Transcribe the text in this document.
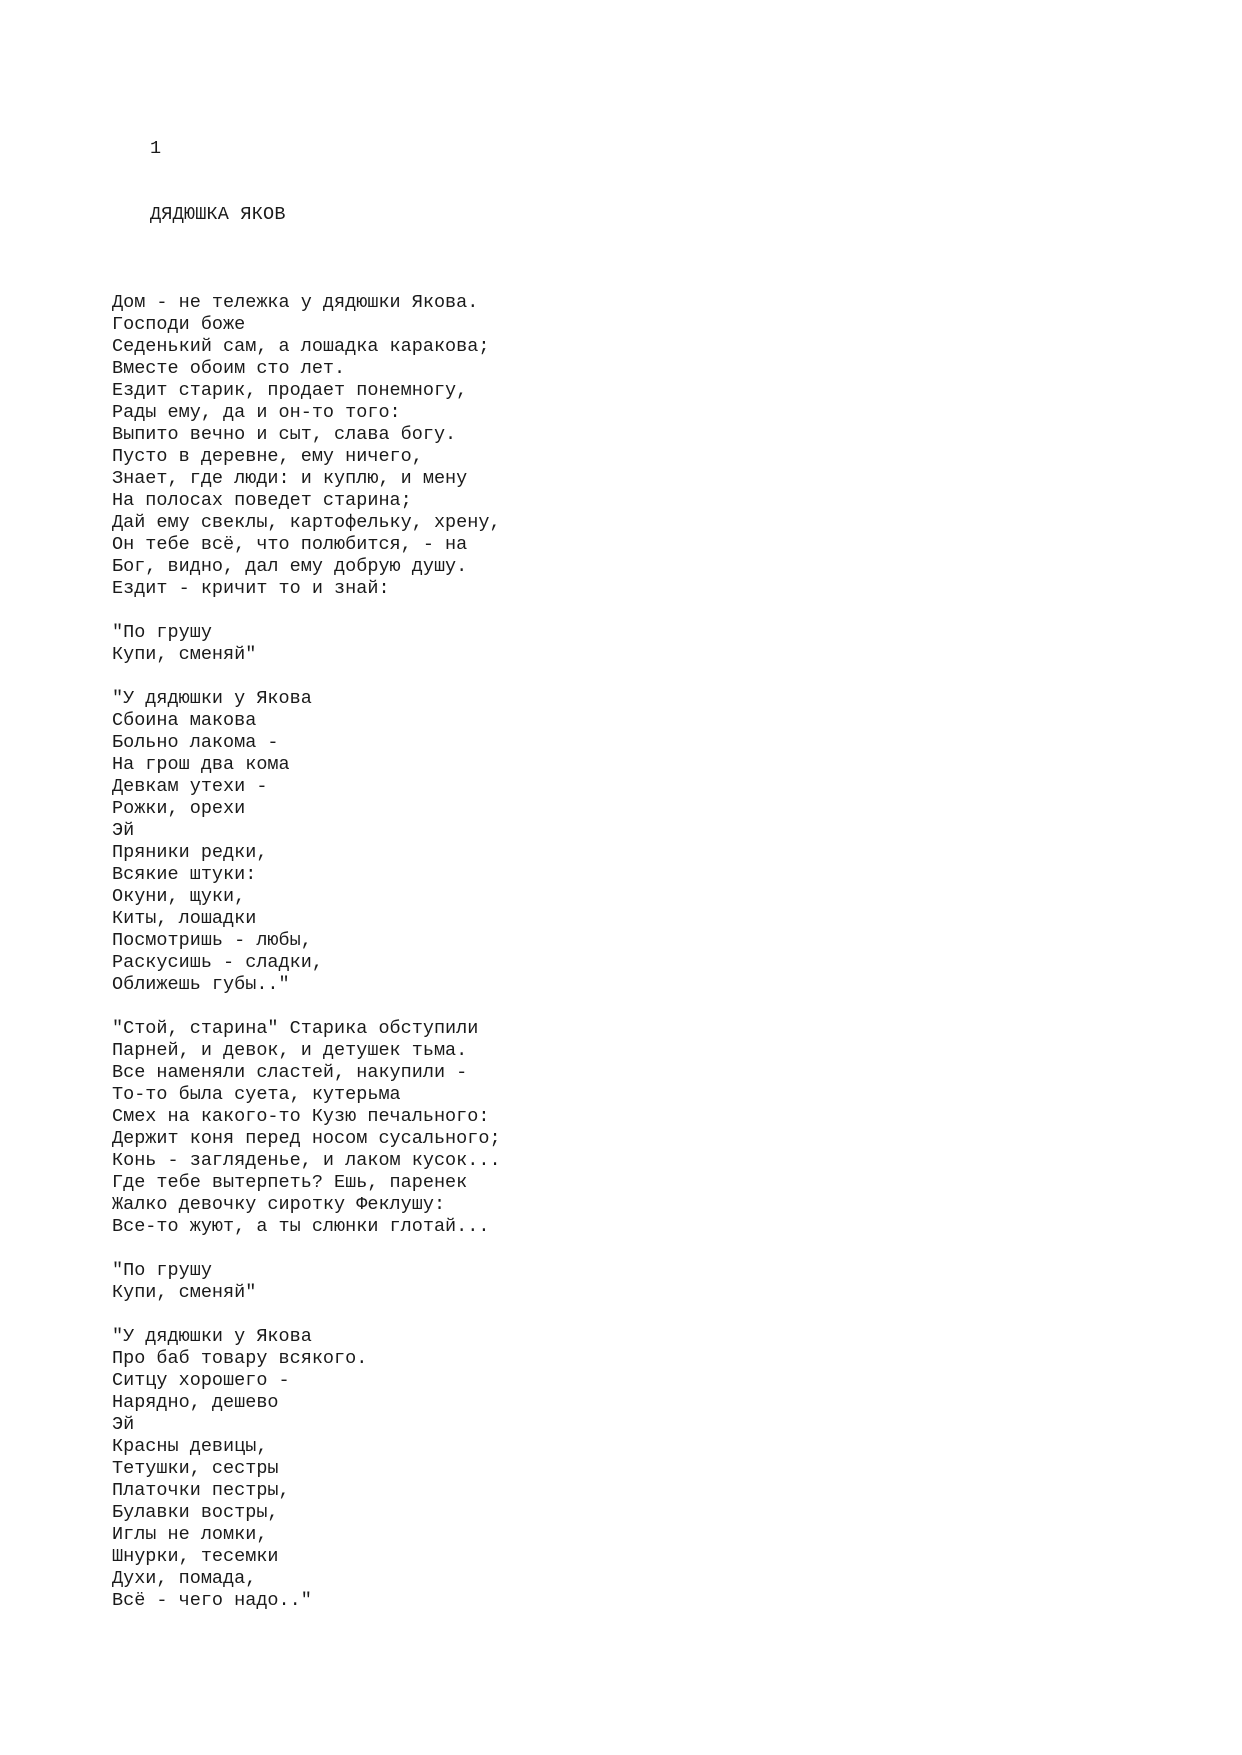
1
ДЯДЮШКА ЯКОВ
Дом - не тележка у дядюшки Якова.
Господи боже
Седенький сам, а лошадка каракова;
Вместе обоим сто лет.
Ездит старик, продает понемногу,
Рады ему, да и он-то того:
Выпито вечно и сыт, слава богу.
Пусто в деревне, ему ничего,
Знает, где люди: и куплю, и мену
На полосах поведет старина;
Дай ему свеклы, картофельку, хрену,
Он тебе всё, что полюбится, - на
Бог, видно, дал ему добрую душу.
Ездит - кричит то и знай:
"По грушу
Купи, сменяй"
"У дядюшки у Якова
Сбоина макова
Больно лакома -
На грош два кома
Девкам утехи -
Рожки, орехи
Эй
Пряники редки,
Всякие штуки:
Окуни, щуки,
Киты, лошадки
Посмотришь - любы,
Раскусишь - сладки,
Оближешь губы.."
"Стой, старина" Старика обступили
Парней, и девок, и детушек тьма.
Все наменяли сластей, накупили -
То-то была суета, кутерьма
Смех на какого-то Кузю печального:
Держит коня перед носом сусального;
Конь - загляденье, и лаком кусок...
Где тебе вытерпеть? Ешь, паренек
Жалко девочку сиротку Феклушу:
Все-то жуют, а ты слюнки глотай...
"По грушу
Купи, сменяй"
"У дядюшки у Якова
Про баб товару всякого.
Ситцу хорошего -
Нарядно, дешево
Эй
Красны девицы,
Тетушки, сестры
Платочки пестры,
Булавки востры,
Иглы не ломки,
Шнурки, тесемки
Духи, помада,
Всё - чего надо.."
